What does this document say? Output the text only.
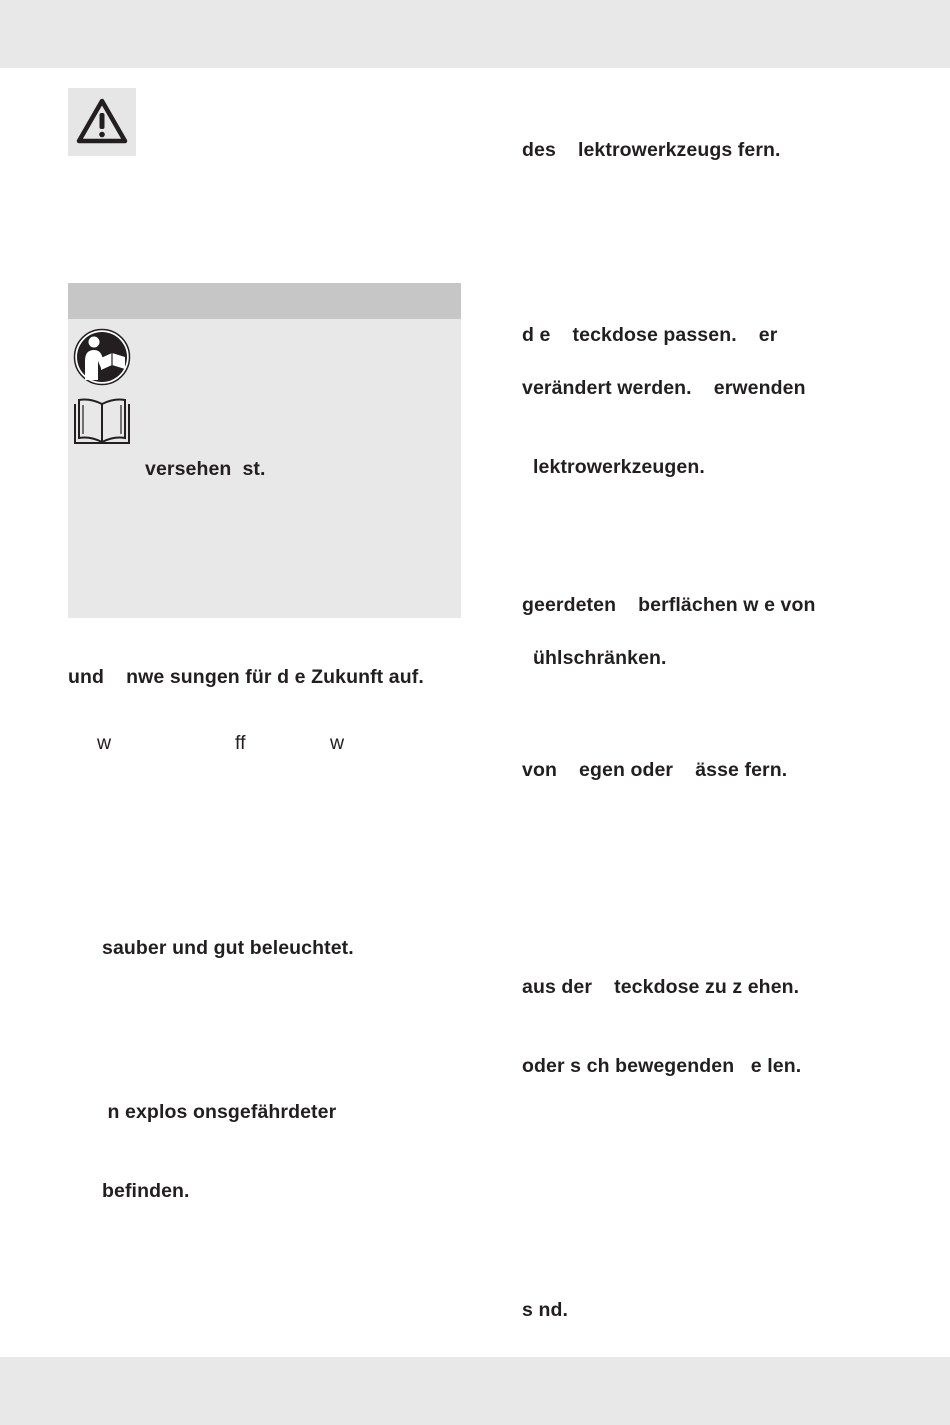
versehen  st.
und    nwe sungen für d e Zukunft auf.
w	ff	w
sauber und gut beleuchtet.
n explos onsgefährdeter
befinden.
des    lektrowerkzeugs fern.
d e    teckdose passen.    er
verändert werden.    erwenden
lektrowerkzeugen.
geerdeten    berflächen w e von
ühlschränken.
von    egen oder    ässe fern.
aus der    teckdose zu z ehen.
oder s ch bewegenden   e len.
s nd.
